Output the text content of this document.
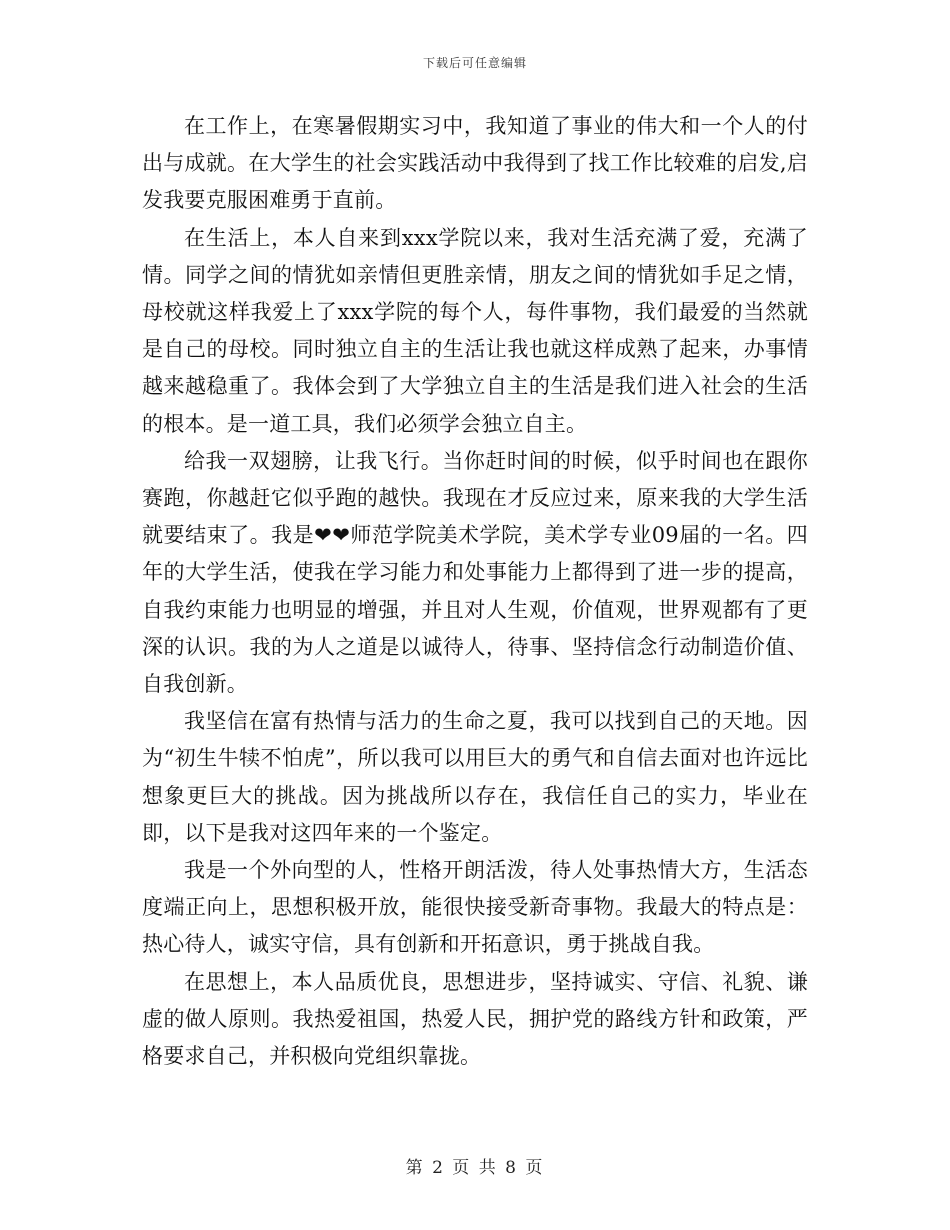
下载后可任意编辑

在工作上，在寒暑假期实习中，我知道了事业的伟大和一个人的付出与成就。在大学生的社会实践活动中我得到了找工作比较难的启发,启发我要克服困难勇于直前。

在生活上，本人自来到xxx学院以来，我对生活充满了爱，充满了情。同学之间的情犹如亲情但更胜亲情，朋友之间的情犹如手足之情，母校就这样我爱上了xxx学院的每个人，每件事物，我们最爱的当然就是自己的母校。同时独立自主的生活让我也就这样成熟了起来，办事情越来越稳重了。我体会到了大学独立自主的生活是我们进入社会的生活的根本。是一道工具，我们必须学会独立自主。

给我一双翅膀，让我飞行。当你赶时间的时候，似乎时间也在跟你赛跑，你越赶它似乎跑的越快。我现在才反应过来，原来我的大学生活就要结束了。我是❤❤师范学院美术学院，美术学专业09届的一名。四年的大学生活，使我在学习能力和处事能力上都得到了进一步的提高，自我约束能力也明显的增强，并且对人生观，价值观，世界观都有了更深的认识。我的为人之道是以诚待人，待事、坚持信念行动制造价值、自我创新。

我坚信在富有热情与活力的生命之夏，我可以找到自己的天地。因为“初生牛犊不怕虎”，所以我可以用巨大的勇气和自信去面对也许远比想象更巨大的挑战。因为挑战所以存在，我信任自己的实力，毕业在即，以下是我对这四年来的一个鉴定。

我是一个外向型的人，性格开朗活泼，待人处事热情大方，生活态度端正向上，思想积极开放，能很快接受新奇事物。我最大的特点是：热心待人，诚实守信，具有创新和开拓意识，勇于挑战自我。

在思想上，本人品质优良，思想进步，坚持诚实、守信、礼貌、谦虚的做人原则。我热爱祖国，热爱人民，拥护党的路线方针和政策，严格要求自己，并积极向党组织靠拢。

第 2 页 共 8 页
